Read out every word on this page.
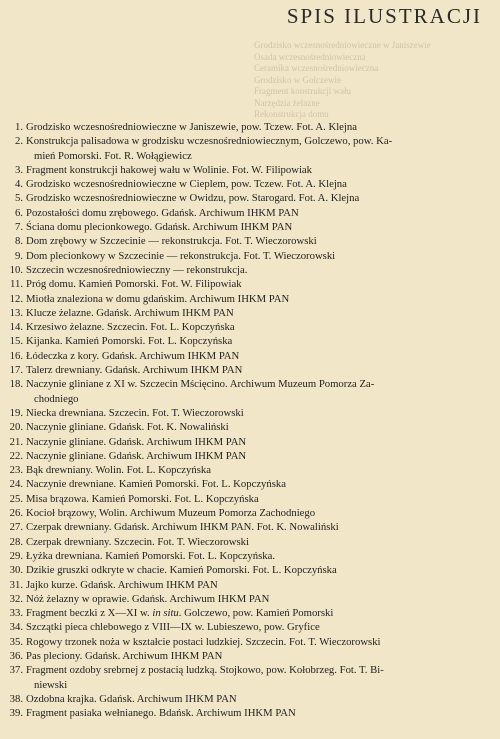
SPIS ILUSTRACJI
Grodzisko wczesnośredniowieczne w Janiszewie
Osada wczesnośredniowieczna
Ceramika wczesnośredniowieczna
Grodzisko w Golczewie
Fragment konstrukcji wału
Narzędzia żelazne
Rekonstrukcja domu
1. Grodzisko wczesnośredniowieczne w Janiszewie, pow. Tczew. Fot. A. Klejna
2. Konstrukcja palisadowa w grodzisku wczesnośredniowiecznym, Golczewo, pow. Ka-
mień Pomorski. Fot. R. Wołągiewicz
3. Fragment konstrukcji hakowej wału w Wolinie. Fot. W. Filipowiak
4. Grodzisko wczesnośredniowieczne w Cieplem, pow. Tczew. Fot. A. Klejna
5. Grodzisko wczesnośredniowieczne w Owidzu, pow. Starogard. Fot. A. Klejna
6. Pozostałości domu zrębowego. Gdańsk. Archiwum IHKM PAN
7. Ściana domu plecionkowego. Gdańsk. Archiwum IHKM PAN
8. Dom zrębowy w Szczecinie — rekonstrukcja. Fot. T. Wieczorowski
9. Dom plecionkowy w Szczecinie — rekonstrukcja. Fot. T. Wieczorowski
10. Szczecin wczesnośredniowieczny — rekonstrukcja.
11. Próg domu. Kamień Pomorski. Fot. W. Filipowiak
12. Miotła znaleziona w domu gdańskim. Archiwum IHKM PAN
13. Klucze żelazne. Gdańsk. Archiwum IHKM PAN
14. Krzesiwo żelazne. Szczecin. Fot. L. Kopczyńska
15. Kijanka. Kamień Pomorski. Fot. L. Kopczyńska
16. Łódeczka z kory. Gdańsk. Archiwum IHKM PAN
17. Talerz drewniany. Gdańsk. Archiwum IHKM PAN
18. Naczynie gliniane z XI w. Szczecin Mścięcino. Archiwum Muzeum Pomorza Za-
chodniego
19. Niecka drewniana. Szczecin. Fot. T. Wieczorowski
20. Naczynie gliniane. Gdańsk. Fot. K. Nowaliński
21. Naczynie gliniane. Gdańsk. Archiwum IHKM PAN
22. Naczynie gliniane. Gdańsk. Archiwum IHKM PAN
23. Bąk drewniany. Wolin. Fot. L. Kopczyńska
24. Naczynie drewniane. Kamień Pomorski. Fot. L. Kopczyńska
25. Misa brązowa. Kamień Pomorski. Fot. L. Kopczyńska
26. Kocioł brązowy, Wolin. Archiwum Muzeum Pomorza Zachodniego
27. Czerpak drewniany. Gdańsk. Archiwum IHKM PAN. Fot. K. Nowaliński
28. Czerpak drewniany. Szczecin. Fot. T. Wieczorowski
29. Łyżka drewniana. Kamień Pomorski. Fot. L. Kopczyńska.
30. Dzikie gruszki odkryte w chacie. Kamień Pomorski. Fot. L. Kopczyńska
31. Jajko kurze. Gdańsk. Archiwum IHKM PAN
32. Nóż żelazny w oprawie. Gdańsk. Archiwum IHKM PAN
33. Fragment beczki z X—XI w. in situ. Golczewo, pow. Kamień Pomorski
34. Szczątki pieca chlebowego z VIII—IX w. Lubieszewo, pow. Gryfice
35. Rogowy trzonek noża w kształcie postaci ludzkiej. Szczecin. Fot. T. Wieczorowski
36. Pas pleciony. Gdańsk. Archiwum IHKM PAN
37. Fragment ozdoby srebrnej z postacią ludzką. Stojkowo, pow. Kołobrzeg. Fot. T. Bi-
niewski
38. Ozdobna krajka. Gdańsk. Archiwum IHKM PAN
39. Fragment pasiaka wełnianego. Bdańsk. Archiwum IHKM PAN
